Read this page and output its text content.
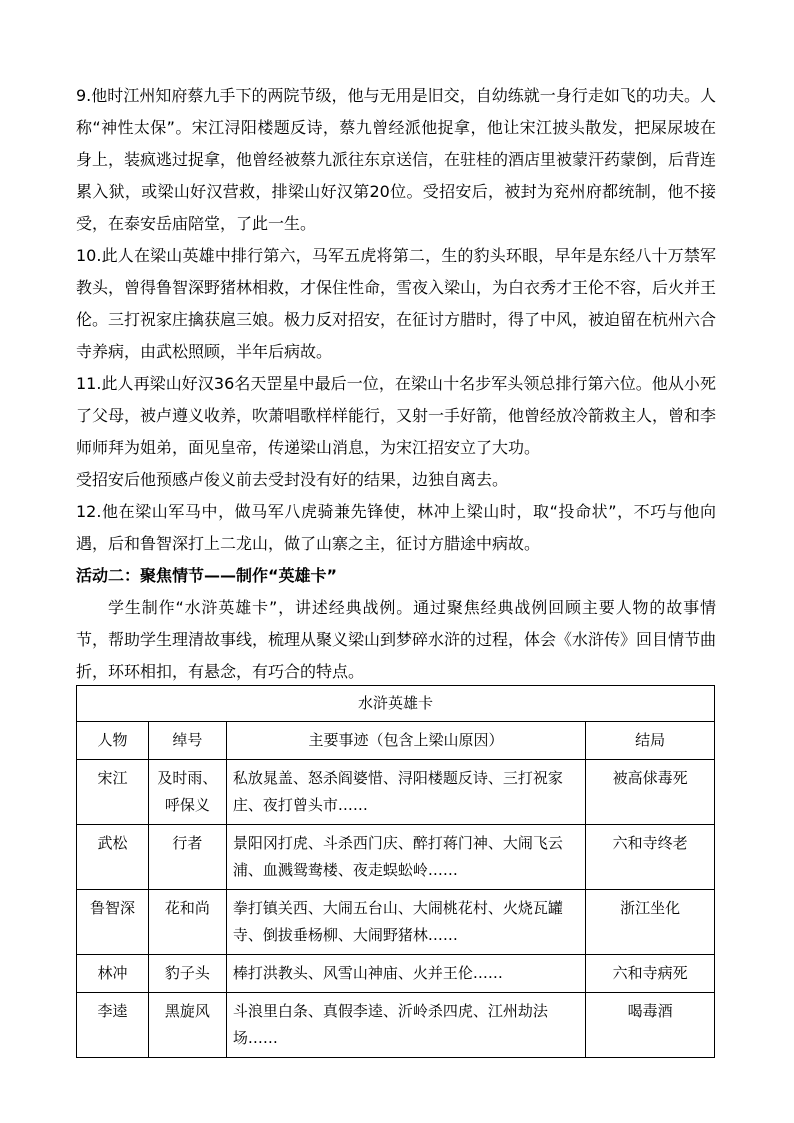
9.他时江州知府蔡九手下的两院节级，他与无用是旧交，自幼练就一身行走如飞的功夫。人称“神性太保”。宋江浔阳楼题反诗，蔡九曾经派他捉拿，他让宋江披头散发，把屎尿坡在身上，装疯逃过捉拿，他曾经被蔡九派往东京送信，在驻桂的酒店里被蒙汗药蒙倒，后背连累入狱，或梁山好汉营救，排梁山好汉第20位。受招安后，被封为兖州府都统制，他不接受，在泰安岳庙陪堂，了此一生。

10.此人在梁山英雄中排行第六，马军五虎将第二，生的豹头环眼，早年是东经八十万禁军教头，曾得鲁智深野猪林相救，才保住性命，雪夜入梁山，为白衣秀才王伦不容，后火并王伦。三打祝家庄擒获扈三娘。极力反对招安，在征讨方腊时，得了中风，被迫留在杭州六合寺养病，由武松照顾，半年后病故。

11.此人再梁山好汉36名天罡星中最后一位，在梁山十名步军头领总排行第六位。他从小死了父母，被卢遵义收养，吹萧唱歌样样能行，又射一手好箭，他曾经放冷箭救主人，曾和李师师拜为姐弟，面见皇帝，传递梁山消息，为宋江招安立了大功。

受招安后他预感卢俊义前去受封没有好的结果，边独自离去。

12.他在梁山军马中，做马军八虎骑兼先锋使，林冲上梁山时，取“投命状”，不巧与他向遇，后和鲁智深打上二龙山，做了山寨之主，征讨方腊途中病故。

活动二：聚焦情节——制作“英雄卡”

学生制作“水浒英雄卡”，讲述经典战例。通过聚焦经典战例回顾主要人物的故事情节，帮助学生理清故事线，梳理从聚义梁山到梦碎水浒的过程，体会《水浒传》回目情节曲折，环环相扣，有悬念，有巧合的特点。

水浒英雄卡			
人物	绰号	主要事迹（包含上梁山原因）	结局
宋江	及时雨、呼保义	私放晁盖、怒杀阎婆惜、浔阳楼题反诗、三打祝家庄、夜打曾头市……	被高俅毒死
武松	行者	景阳冈打虎、斗杀西门庆、醉打蒋门神、大闹飞云浦、血溅鸳鸯楼、夜走蜈蚣岭……	六和寺终老
鲁智深	花和尚	拳打镇关西、大闹五台山、大闹桃花村、火烧瓦罐寺、倒拔垂杨柳、大闹野猪林……	浙江坐化
林冲	豹子头	棒打洪教头、风雪山神庙、火并王伦……	六和寺病死
李逵	黑旋风	斗浪里白条、真假李逵、沂岭杀四虎、江州劫法场……	喝毒酒
